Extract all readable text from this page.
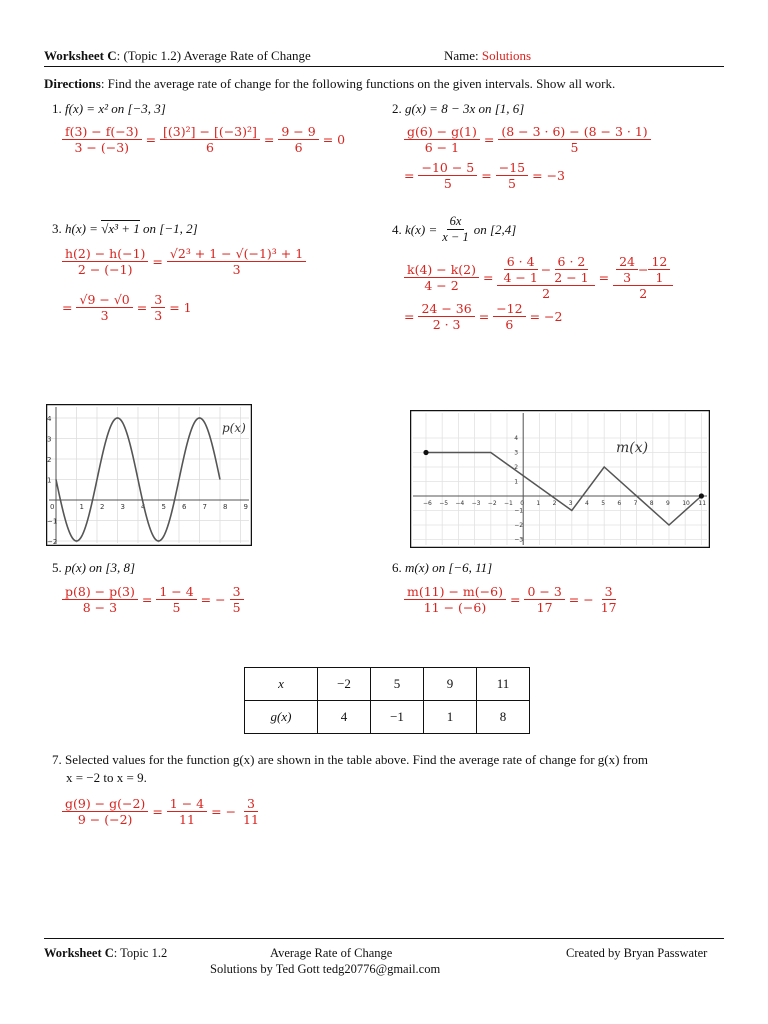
Worksheet C: (Topic 1.2) Average Rate of Change	Name: Solutions
Directions: Find the average rate of change for the following functions on the given intervals. Show all work.
1. f(x) = x² on [−3, 3]
$\frac{f(3) - f(-3)}{3 - (-3)} = \frac{\text{[(3)²] − [(−3)²]}}{6} = \frac{9 - 9}{6} = 0$
2. g(x) = 8 − 3x on [1, 6]
$\frac{g(6) - g(1)}{6 - 1} = \frac{(8 - 3 \cdot 6) - (8 - 3 \cdot 1)}{5}$
= $\frac{-10 - 5}{5} = \frac{-15}{5} = -3$
3. h(x) = √x³ + 1 on [−1, 2]
$\frac{h(2) - h(-1)}{2 - (-1)} = \frac{\text{√2³ + 1 − √(−1)³ + 1}}{3}$
= $\frac{√9 - √0}{3} = \frac{3}{3} = 1$
4.
$k(x) = \frac{6x}{x - 1}$ on [2,4]
$\frac{k(4) - k(2)}{4 - 2} = \frac{\frac{6 \cdot 4}{4 - 1} - \frac{6 \cdot 2}{2 - 1}}{2} = \frac{\frac{24}{3} - \frac{12}{1}}{2}$
= $\frac{24 - 36}{2 \cdot 3} = \frac{-12}{6} = -2$
0	1 2 3 4 5 6 7 8 9
4
3
2
1
−1
−2
p(x)
−6 −5 −4 −3 −2 −1 0 1 2 3 4 5 6 7 8 9 10 11
4
3
2
1
−1
−2
−3
m(x)
5. p(x) on [3, 8]
$\frac{p(8) - p(3)}{8 - 3} = \frac{1 - 4}{5}$ = − $\frac{3}{5}$
6. m(x) on [−6, 11]
$\frac{m(11) - m(-6)}{11 - (-6)} = \frac{0 - 3}{17}$ = − $\frac{3}{17}$
x	−2	5	9	11
g(x)	4	−1	1	8
7. Selected values for the function g(x) are shown in the table above. Find the average rate of change for g(x) from
x = −2 to x = 9.
$\frac{g(9) - g(-2)}{9 - (-2)} = \frac{1 - 4}{11}$ = − $\frac{3}{11}$
Worksheet C: Topic 1.2	Average Rate of Change	Created by Bryan Passwater
Solutions by Ted Gott tedg20776@gmail.com
